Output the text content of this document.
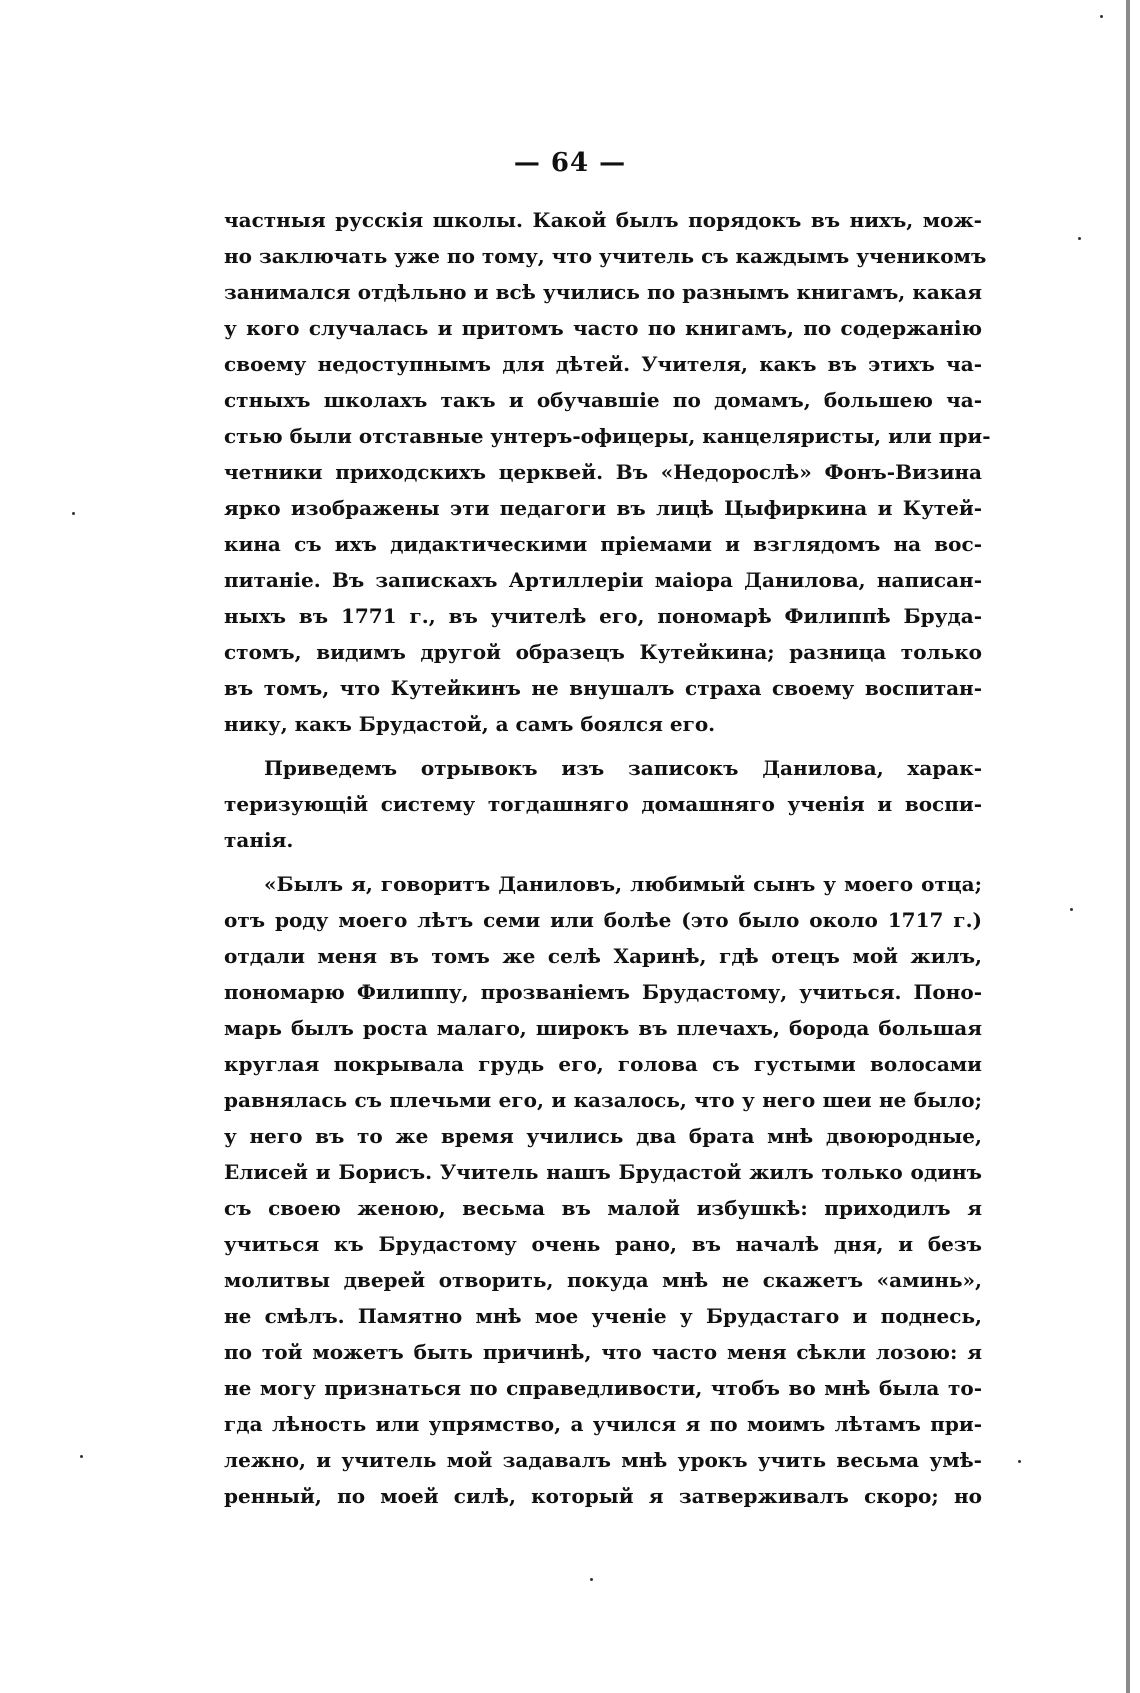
— 64 —
частныя русскія школы. Какой былъ порядокъ въ нихъ, мож-
но заключать уже по тому, что учитель съ каждымъ ученикомъ
занимался отдѣльно и всѣ учились по разнымъ книгамъ, какая
у кого случалась и притомъ часто по книгамъ, по содержанію
своему недоступнымъ для дѣтей. Учителя, какъ въ этихъ ча-
стныхъ школахъ такъ и обучавшіе по домамъ, большею ча-
стью были отставные унтеръ-офицеры, канцеляристы, или при-
четники приходскихъ церквей. Въ «Недорослѣ» Фонъ-Визина
ярко изображены эти педагоги въ лицѣ Цыфиркина и Кутей-
кина съ ихъ дидактическими пріемами и взглядомъ на вос-
питаніе. Въ запискахъ Артиллеріи маіора Данилова, написан-
ныхъ въ 1771 г., въ учителѣ его, пономарѣ Филиппѣ Бруда-
стомъ, видимъ другой образецъ Кутейкина; разница только
въ томъ, что Кутейкинъ не внушалъ страха своему воспитан-
нику, какъ Брудастой, а самъ боялся его.
Приведемъ отрывокъ изъ записокъ Данилова, харак-
теризующій систему тогдашняго домашняго ученія и воспи-
танія.
«Былъ я, говоритъ Даниловъ, любимый сынъ у моего отца;
отъ роду моего лѣтъ семи или болѣе (это было около 1717 г.)
отдали меня въ томъ же селѣ Харинѣ, гдѣ отецъ мой жилъ,
пономарю Филиппу, прозваніемъ Брудастому, учиться. Поно-
марь былъ роста малаго, широкъ въ плечахъ, борода большая
круглая покрывала грудь его, голова съ густыми волосами
равнялась съ плечьми его, и казалось, что у него шеи не было;
у него въ то же время учились два брата мнѣ двоюродные,
Елисей и Борисъ. Учитель нашъ Брудастой жилъ только одинъ
съ своею женою, весьма въ малой избушкѣ: приходилъ я
учиться къ Брудастому очень рано, въ началѣ дня, и безъ
молитвы дверей отворить, покуда мнѣ не скажетъ «аминь»,
не смѣлъ. Памятно мнѣ мое ученіе у Брудастаго и поднесь,
по той можетъ быть причинѣ, что часто меня сѣкли лозою: я
не могу признаться по справедливости, чтобъ во мнѣ была то-
гда лѣность или упрямство, а учился я по моимъ лѣтамъ при-
лежно, и учитель мой задавалъ мнѣ урокъ учить весьма умѣ-
ренный, по моей силѣ, который я затверживалъ скоро; но
